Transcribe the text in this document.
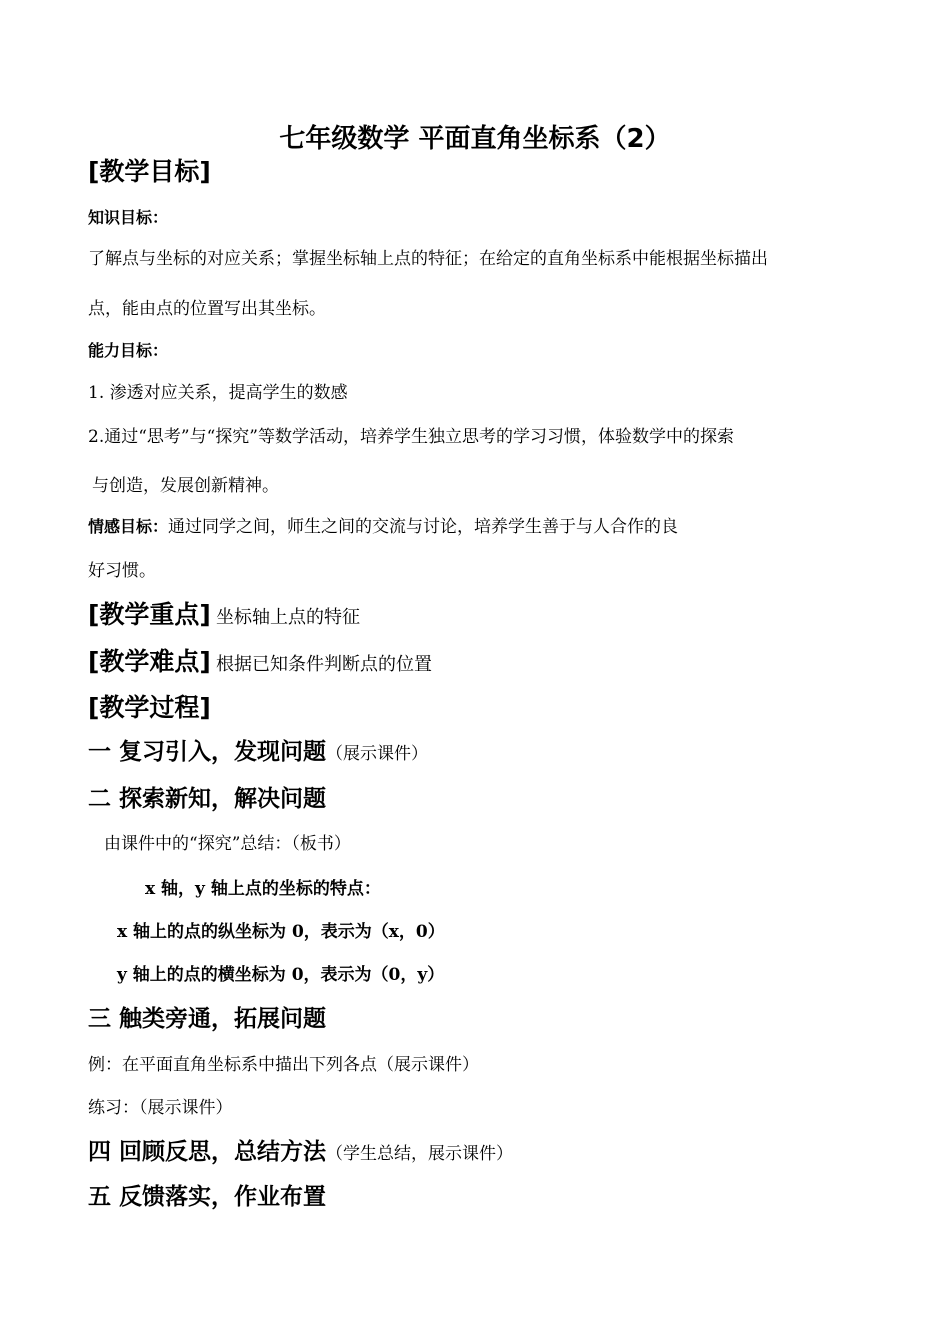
七年级数学 平面直角坐标系（2）
[教学目标]
知识目标：
了解点与坐标的对应关系；掌握坐标轴上点的特征；在给定的直角坐标系中能根据坐标描出
点，能由点的位置写出其坐标。
能力目标：
1. 渗透对应关系，提高学生的数感
2.通过“思考”与“探究”等数学活动，培养学生独立思考的学习习惯，体验数学中的探索
与创造，发展创新精神。
情感目标：通过同学之间，师生之间的交流与讨论，培养学生善于与人合作的良
好习惯。
[教学重点] 坐标轴上点的特征
[教学难点] 根据已知条件判断点的位置
[教学过程]
一 复习引入，发现问题（展示课件）
二 探索新知，解决问题
由课件中的“探究”总结：（板书）
x 轴，y 轴上点的坐标的特点：
x 轴上的点的纵坐标为 0，表示为（x，0）
y 轴上的点的横坐标为 0，表示为（0，y）
三 触类旁通，拓展问题
例：在平面直角坐标系中描出下列各点（展示课件）
练习：（展示课件）
四 回顾反思，总结方法（学生总结，展示课件）
五 反馈落实，作业布置
